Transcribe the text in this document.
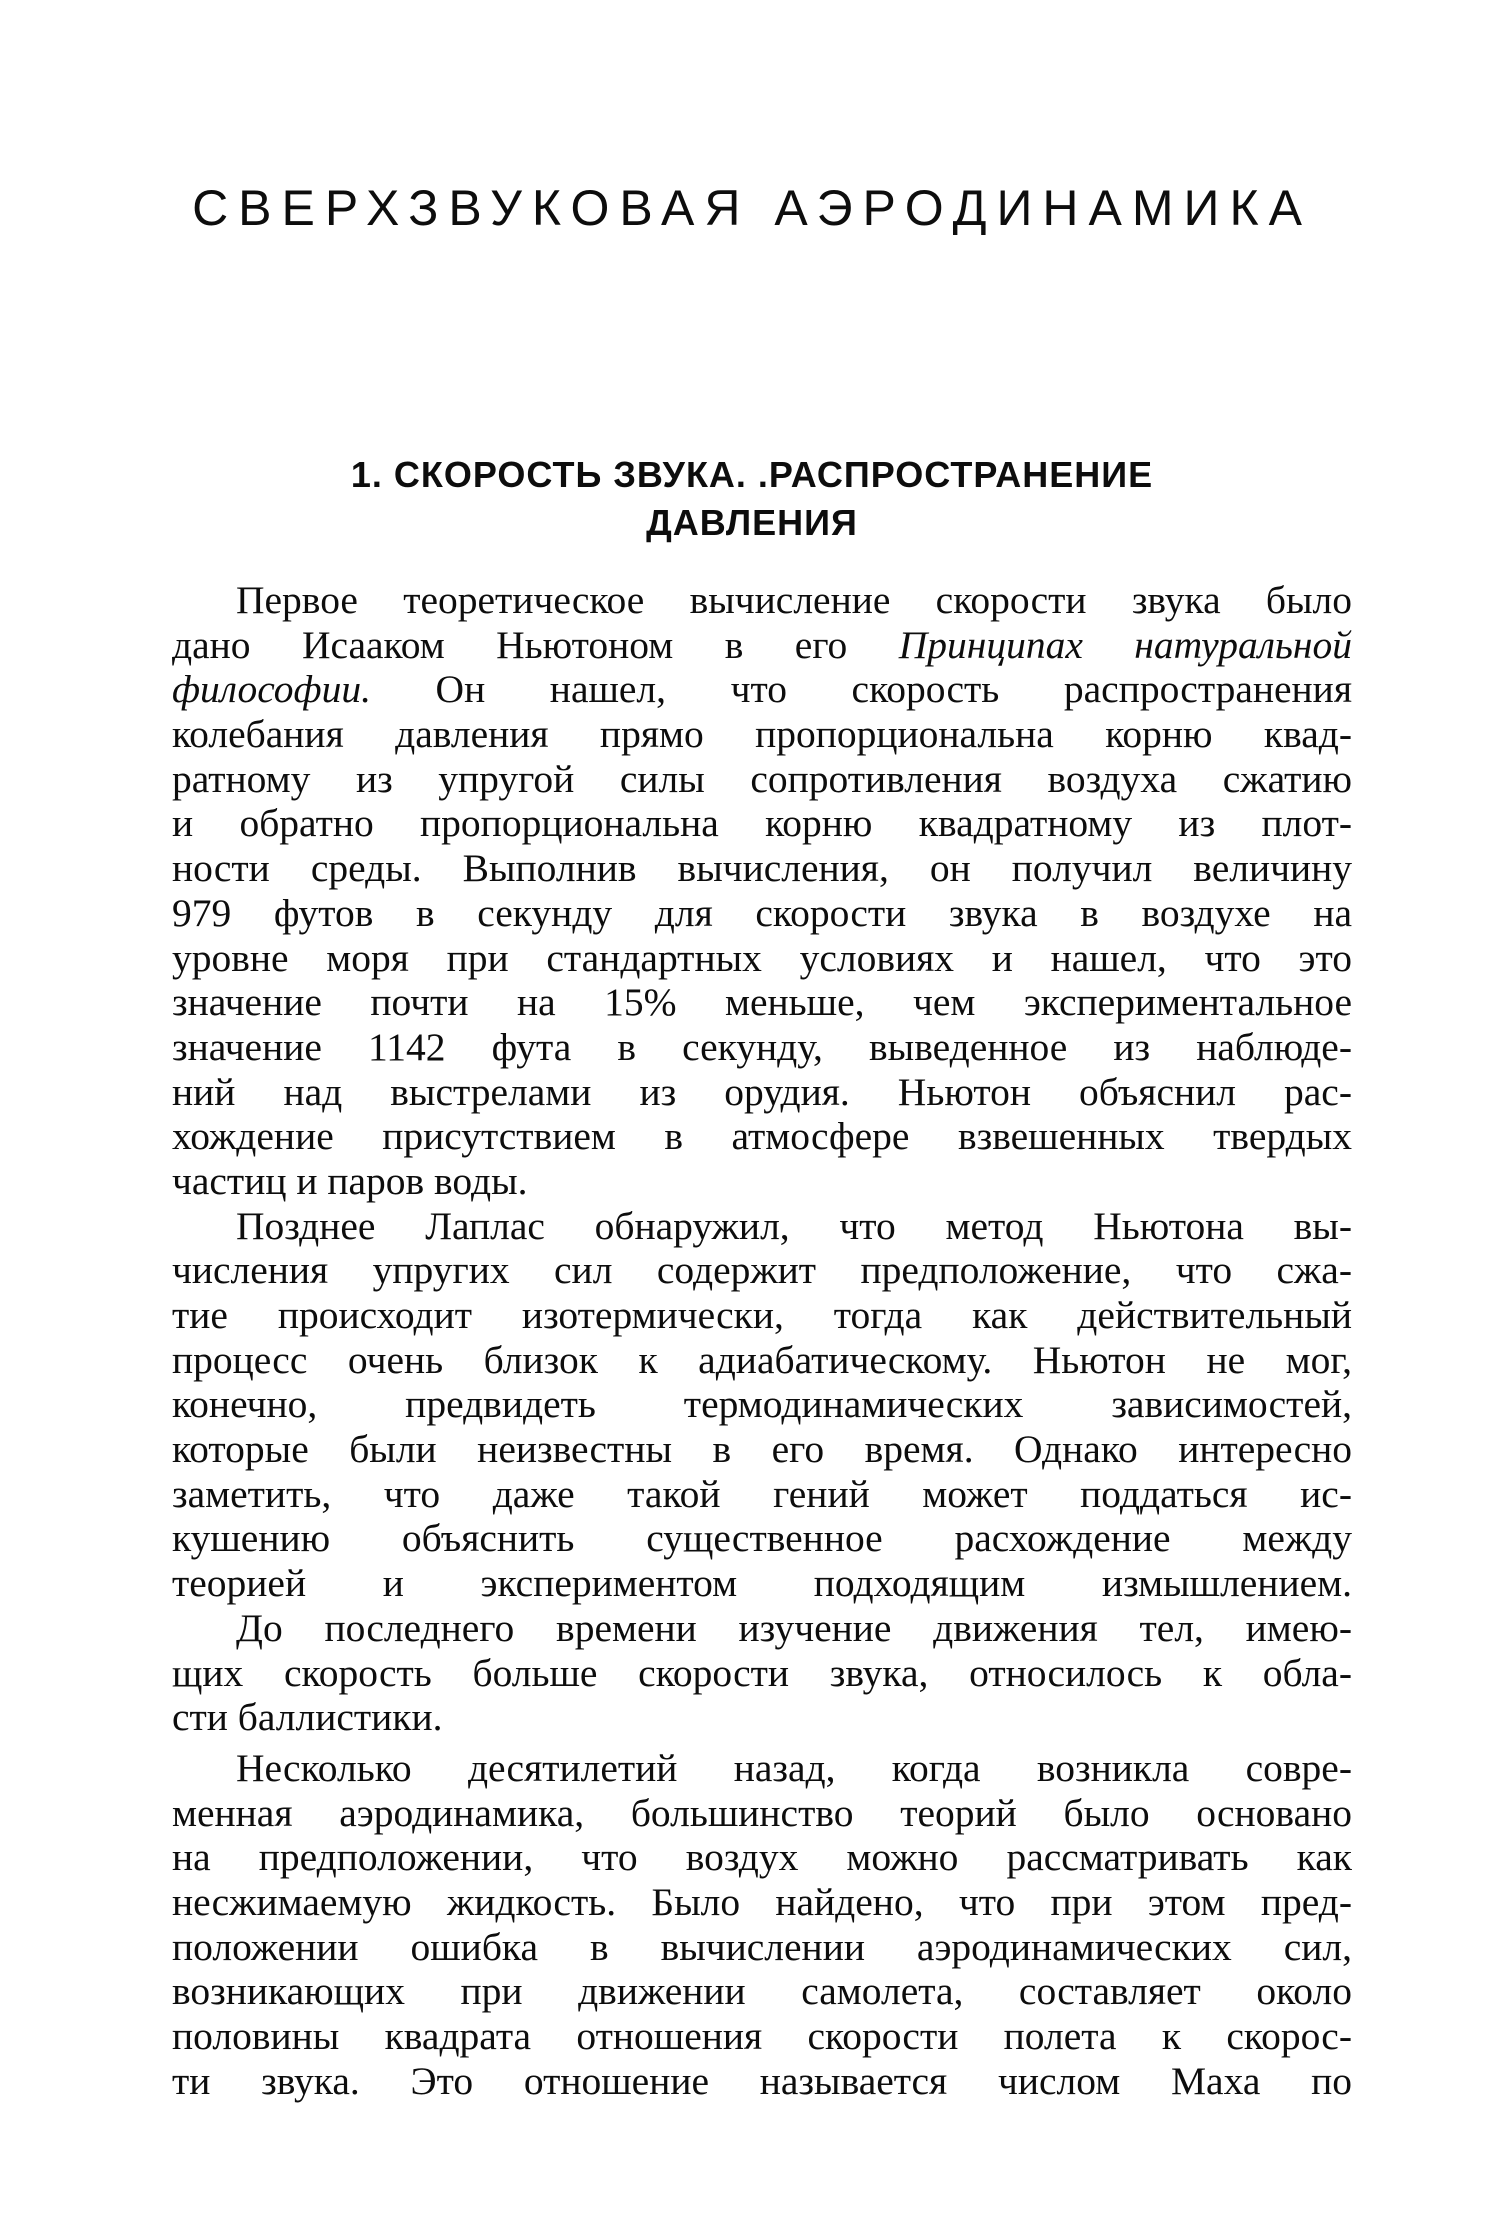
СВЕРХЗВУКОВАЯ АЭРОДИНАМИКА
1. СКОРОСТЬ ЗВУКА. .РАСПРОСТРАНЕНИЕ
ДАВЛЕНИЯ
Первое теоретическое вычисление скорости звука было
дано Исааком Ньютоном в его Принципах натуральной
философии. Он нашел, что скорость распространения
колебания давления прямо пропорциональна корню квад-
ратному из упругой силы сопротивления воздуха сжатию
и обратно пропорциональна корню квадратному из плот-
ности среды. Выполнив вычисления, он получил величину
979 футов в секунду для скорости звука в воздухе на
уровне моря при стандартных условиях и нашел, что это
значение почти на 15% меньше, чем экспериментальное
значение 1142 фута в секунду, выведенное из наблюде-
ний над выстрелами из орудия. Ньютон объяснил рас-
хождение присутствием в атмосфере взвешенных твердых
частиц и паров воды.
Позднее Лаплас обнаружил, что метод Ньютона вы-
числения упругих сил содержит предположение, что сжа-
тие происходит изотермически, тогда как действительный
процесс очень близок к адиабатическому. Ньютон не мог,
конечно, предвидеть термодинамических зависимостей,
которые были неизвестны в его время. Однако интересно
заметить, что даже такой гений может поддаться ис-
кушению объяснить существенное расхождение между
теорией и экспериментом подходящим измышлением.
До последнего времени изучение движения тел, имею-
щих скорость больше скорости звука, относилось к обла-
сти баллистики.
Несколько десятилетий назад, когда возникла совре-
менная аэродинамика, большинство теорий было основано
на предположении, что воздух можно рассматривать как
несжимаемую жидкость. Было найдено, что при этом пред-
положении ошибка в вычислении аэродинамических сил,
возникающих при движении самолета, составляет около
половины квадрата отношения скорости полета к скорос-
ти звука. Это отношение называется числом Маха по
